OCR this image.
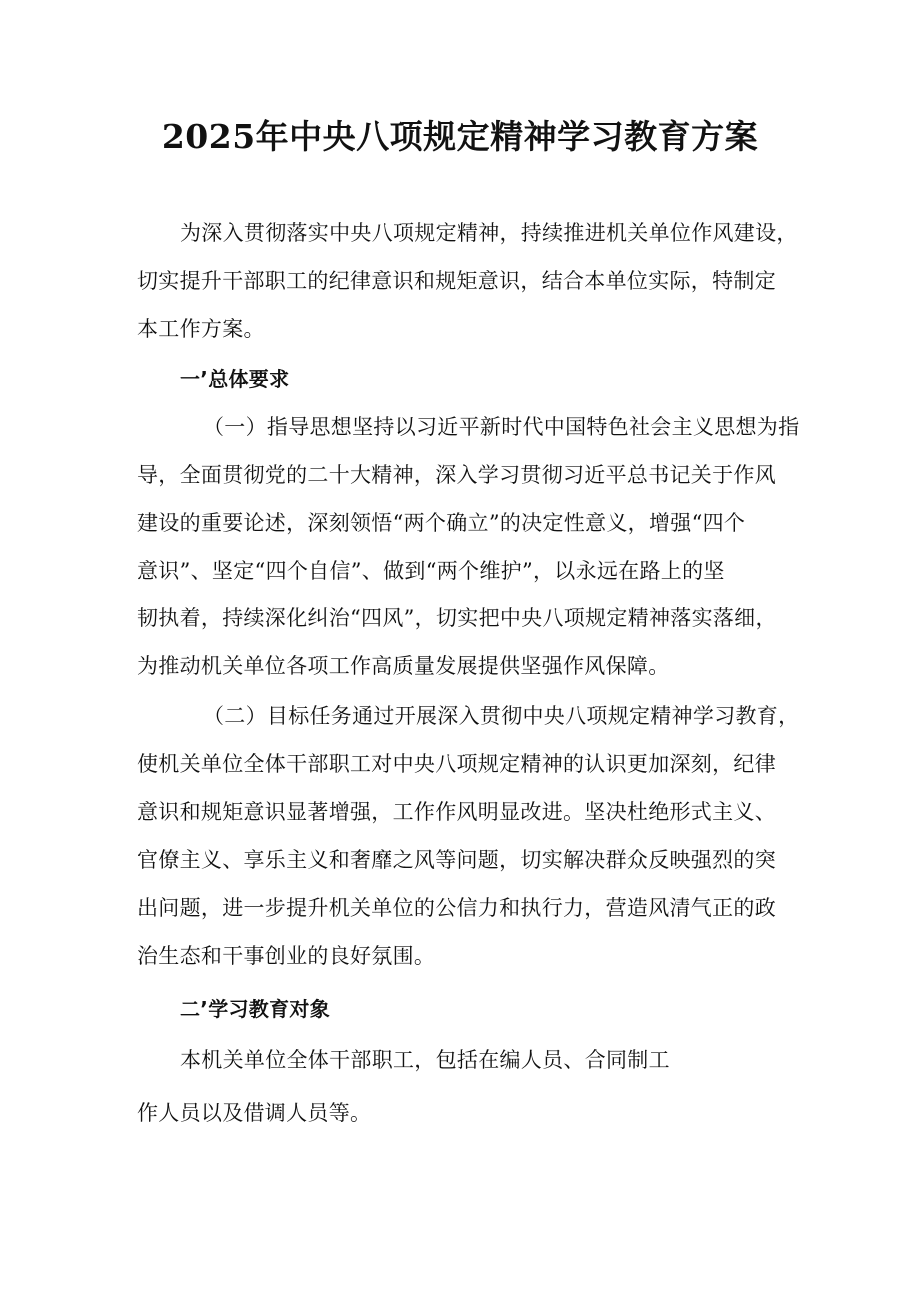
2025年中央八项规定精神学习教育方案
为深入贯彻落实中央八项规定精神，持续推进机关单位作风建设，
切实提升干部职工的纪律意识和规矩意识，结合本单位实际，特制定
本工作方案。
一’总体要求
（一）指导思想坚持以习近平新时代中国特色社会主义思想为指
导，全面贯彻党的二十大精神，深入学习贯彻习近平总书记关于作风
建设的重要论述，深刻领悟“两个确立”的决定性意义，增强“四个
意识”、坚定“四个自信”、做到“两个维护”，以永远在路上的坚
韧执着，持续深化纠治“四风”，切实把中央八项规定精神落实落细，
为推动机关单位各项工作高质量发展提供坚强作风保障。
（二）目标任务通过开展深入贯彻中央八项规定精神学习教育，
使机关单位全体干部职工对中央八项规定精神的认识更加深刻，纪律
意识和规矩意识显著增强，工作作风明显改进。坚决杜绝形式主义、
官僚主义、享乐主义和奢靡之风等问题，切实解决群众反映强烈的突
出问题，进一步提升机关单位的公信力和执行力，营造风清气正的政
治生态和干事创业的良好氛围。
二’学习教育对象
本机关单位全体干部职工，包括在编人员、合同制工
作人员以及借调人员等。
